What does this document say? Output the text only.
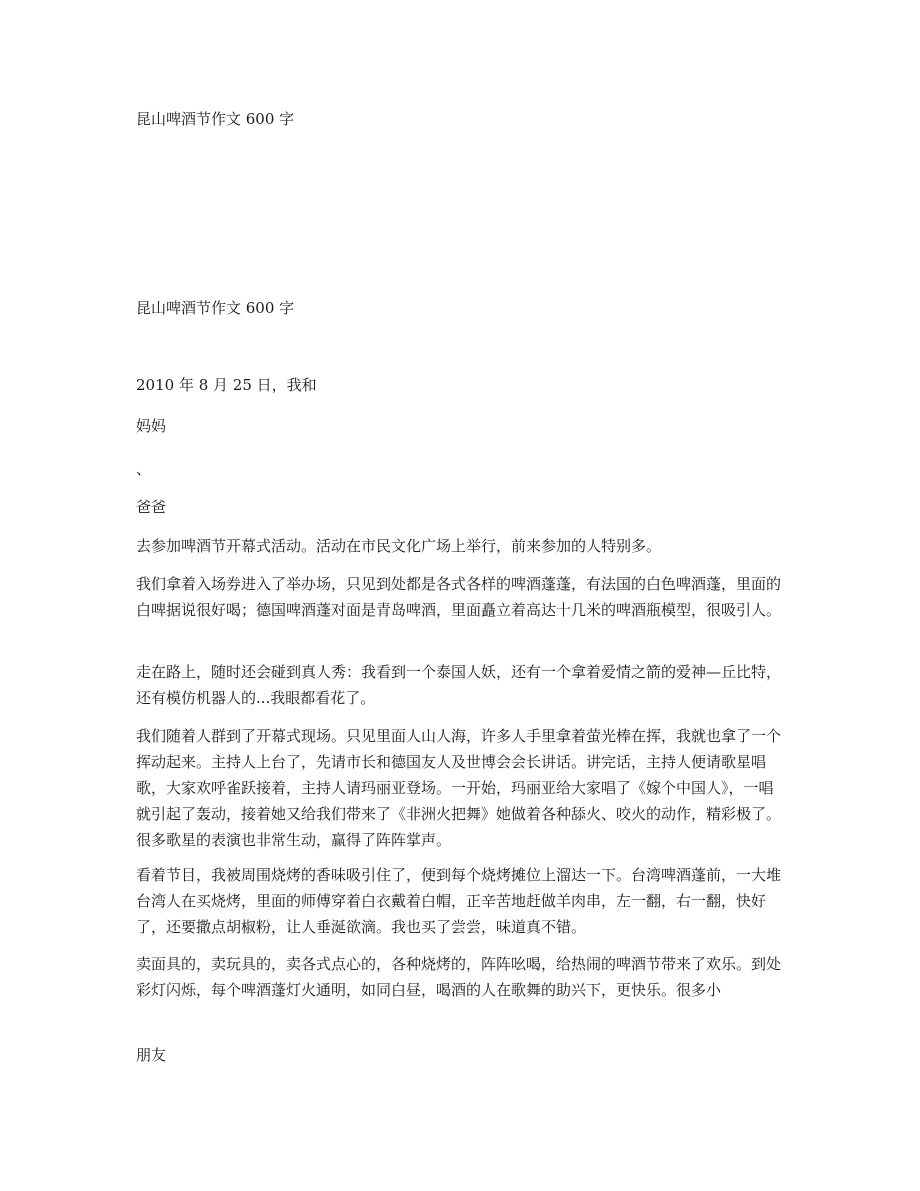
昆山啤酒节作文 600 字
昆山啤酒节作文 600 字
2010 年 8 月 25 日，我和
妈妈
、
爸爸
去参加啤酒节开幕式活动。活动在市民文化广场上举行，前来参加的人特别多。
我们拿着入场券进入了举办场，只见到处都是各式各样的啤酒蓬蓬，有法国的白色啤酒蓬，里面的白啤据说很好喝；德国啤酒蓬对面是青岛啤酒，里面矗立着高达十几米的啤酒瓶模型，很吸引人。
走在路上，随时还会碰到真人秀：我看到一个泰国人妖，还有一个拿着爱情之箭的爱神—丘比特，还有模仿机器人的...我眼都看花了。
我们随着人群到了开幕式现场。只见里面人山人海，许多人手里拿着萤光棒在挥，我就也拿了一个挥动起来。主持人上台了，先请市长和德国友人及世博会会长讲话。讲完话，主持人便请歌星唱歌，大家欢呼雀跃接着，主持人请玛丽亚登场。一开始，玛丽亚给大家唱了《嫁个中国人》，一唱就引起了轰动，接着她又给我们带来了《非洲火把舞》她做着各种舔火、咬火的动作，精彩极了。很多歌星的表演也非常生动，赢得了阵阵掌声。
看着节目，我被周围烧烤的香味吸引住了，便到每个烧烤摊位上溜达一下。台湾啤酒蓬前，一大堆台湾人在买烧烤，里面的师傅穿着白衣戴着白帽，正辛苦地赶做羊肉串，左一翻，右一翻，快好了，还要撒点胡椒粉，让人垂涎欲滴。我也买了尝尝，味道真不错。
卖面具的，卖玩具的，卖各式点心的，各种烧烤的，阵阵吆喝，给热闹的啤酒节带来了欢乐。到处彩灯闪烁，每个啤酒蓬灯火通明，如同白昼，喝酒的人在歌舞的助兴下，更快乐。很多小
朋友
